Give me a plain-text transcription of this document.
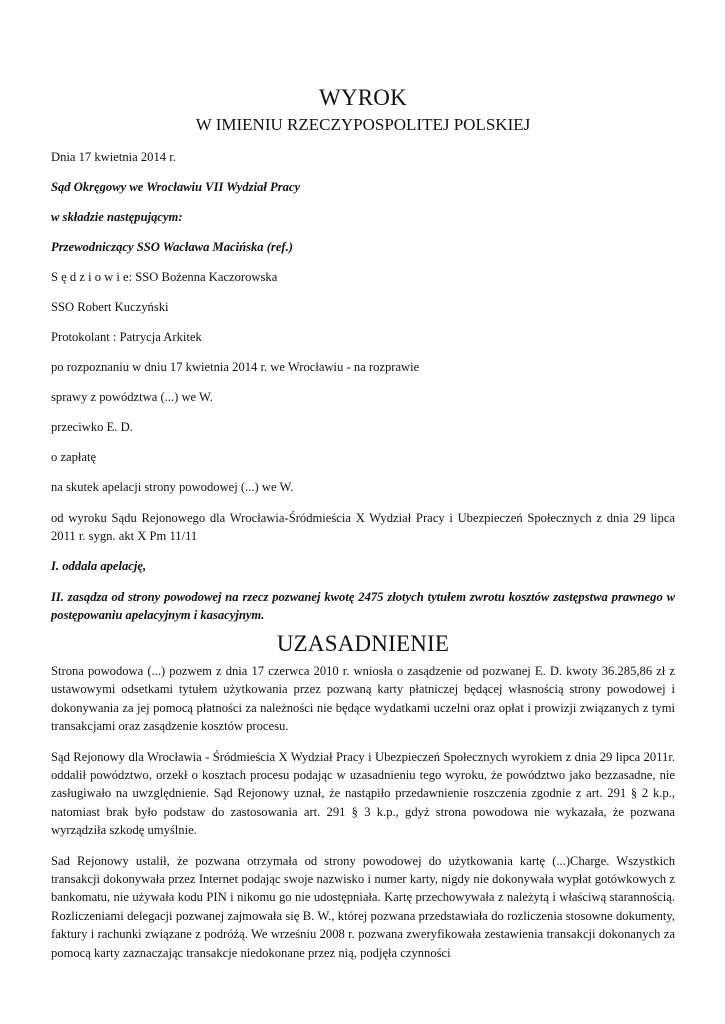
WYROK
W IMIENIU RZECZYPOSPOLITEJ POLSKIEJ

Dnia 17 kwietnia 2014 r.

Sąd Okręgowy we Wrocławiu VII Wydział Pracy

w składzie następującym:

Przewodniczący SSO Wacława Macińska (ref.)

S ę d z i o w i e: SSO Bożenna Kaczorowska

SSO Robert Kuczyński

Protokolant : Patrycja Arkitek

po rozpoznaniu w dniu 17 kwietnia 2014 r. we Wrocławiu - na rozprawie

sprawy z powództwa (...) we W.

przeciwko E. D.

o zapłatę

na skutek apelacji strony powodowej (...) we W.

od wyroku Sądu Rejonowego dla Wrocławia-Śródmieścia X Wydział Pracy i Ubezpieczeń Społecznych z dnia 29 lipca 2011 r. sygn. akt X Pm 11/11

I. oddala apelację,

II. zasądza od strony powodowej na rzecz pozwanej kwotę 2475 złotych tytułem zwrotu kosztów zastępstwa prawnego w postępowaniu apelacyjnym i kasacyjnym.

UZASADNIENIE

Strona powodowa (...) pozwem z dnia 17 czerwca 2010 r. wniosła o zasądzenie od pozwanej E. D. kwoty 36.285,86 zł z ustawowymi odsetkami tytułem użytkowania przez pozwaną karty płatniczej będącej własnością strony powodowej i dokonywania za jej pomocą płatności za należności nie będące wydatkami uczelni oraz opłat i prowizji związanych z tymi transakcjami oraz zasądzenie kosztów procesu.

Sąd Rejonowy dla Wrocławia - Śródmieścia X Wydział Pracy i Ubezpieczeń Społecznych wyrokiem z dnia 29 lipca 2011r. oddalił powództwo, orzekł o kosztach procesu podając w uzasadnieniu tego wyroku, że powództwo jako bezzasadne, nie zasługiwało na uwzględnienie. Sąd Rejonowy uznał, że nastąpiło przedawnienie roszczenia zgodnie z art. 291 § 2 k.p., natomiast brak było podstaw do zastosowania art. 291 § 3 k.p., gdyż strona powodowa nie wykazała, że pozwana wyrządziła szkodę umyślnie.

Sad Rejonowy ustalił, że pozwana otrzymała od strony powodowej do użytkowania kartę (...)Charge. Wszystkich transakcji dokonywała przez Internet podając swoje nazwisko i numer karty, nigdy nie dokonywała wypłat gotówkowych z bankomatu, nie używała kodu PIN i nikomu go nie udostępniała. Kartę przechowywała z należytą i właściwą starannością. Rozliczeniami delegacji pozwanej zajmowała się B. W., której pozwana przedstawiała do rozliczenia stosowne dokumenty, faktury i rachunki związane z podróżą. We wrześniu 2008 r. pozwana zweryfikowała zestawienia transakcji dokonanych za pomocą karty zaznaczając transakcje niedokonane przez nią, podjęła czynności
